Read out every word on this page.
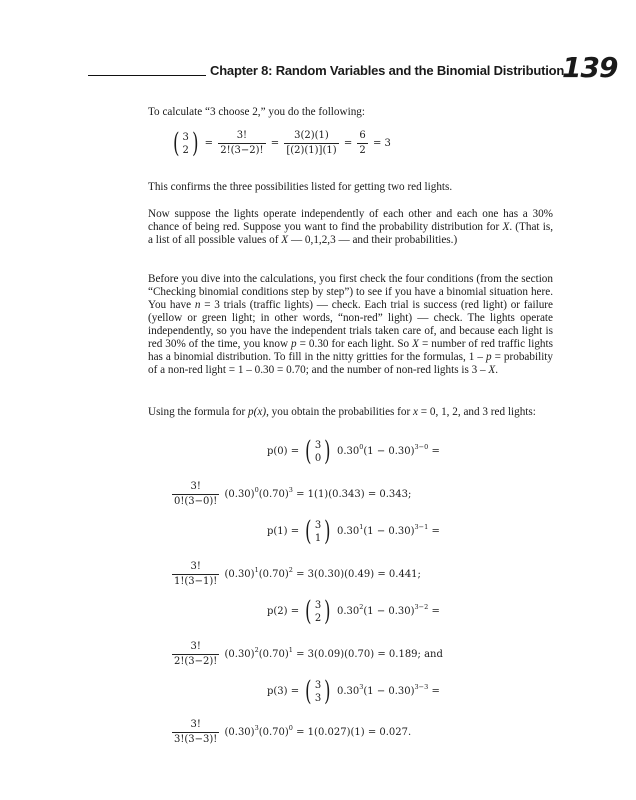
Chapter 8: Random Variables and the Binomial Distribution
139
To calculate “3 choose 2,” you do the following:
( 3
2 ) = $\frac{3!}{2!(3-2)!} = \frac{3(2)(1)}{[(2)(1)](1)} = \frac{6}{2} = 3$
This confirms the three possibilities listed for getting two red lights.
Now suppose the lights operate independently of each other and each one has a 30% chance of being red. Suppose you want to find the probability distribution for X. (That is, a list of all possible values of X — 0,1,2,3 — and their probabilities.)
Before you dive into the calculations, you first check the four conditions (from the section “Checking binomial conditions step by step”) to see if you have a binomial situation here. You have n = 3 trials (traffic lights) — check. Each trial is success (red light) or failure (yellow or green light; in other words, “non-red” light) — check. The lights operate independently, so you have the independent trials taken care of, and because each light is red 30% of the time, you know p = 0.30 for each light. So X = number of red traffic lights has a binomial distribution. To fill in the nitty gritties for the formulas, 1 – p = probability of a non-red light = 1 – 0.30 = 0.70; and the number of non-red lights is 3 – X.
Using the formula for p(x), you obtain the probabilities for x = 0, 1, 2, and 3 red lights:
p(0) = ( 3
0 ) $0.30^0(1 - 0.30)^{3-0}$ =
$\frac{3!}{0!(3-0)!} (0.30)^0(0.70)^3 = 1(1)(0.343) = 0.343$;
p(1) = ( 3
1 ) $0.30^1(1 - 0.30)^{3-1}$ =
$\frac{3!}{1!(3-1)!} (0.30)^1(0.70)^2 = 3(0.30)(0.49) = 0.441$;
p(2) = ( 3
2 ) $0.30^2(1 - 0.30)^{3-2}$ =
$\frac{3!}{2!(3-2)!} (0.30)^2(0.70)^1 = 3(0.09)(0.70) = 0.189$; and
p(3) = ( 3
3 ) $0.30^3(1 - 0.30)^{3-3}$ =
$\frac{3!}{3!(3-3)!} (0.30)^3(0.70)^0 = 1(0.027)(1) = 0.027$.
